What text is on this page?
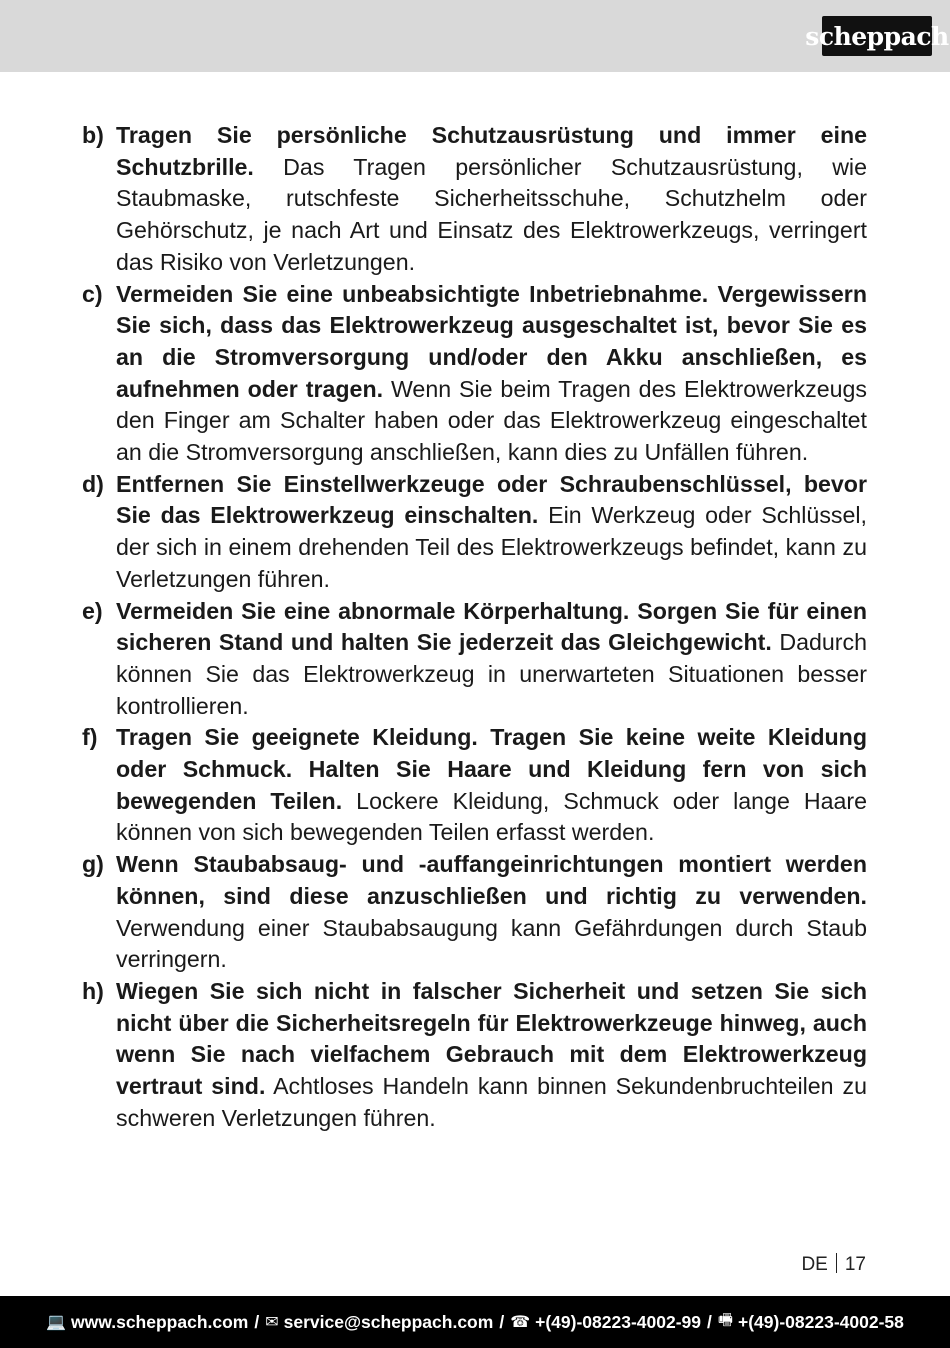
scheppach
b) Tragen Sie persönliche Schutzausrüstung und immer eine Schutzbrille. Das Tragen persönlicher Schutzausrüstung, wie Staubmaske, rutschfeste Sicherheitsschuhe, Schutzhelm oder Gehörschutz, je nach Art und Einsatz des Elektrowerkzeugs, verringert das Risiko von Verletzungen.
c) Vermeiden Sie eine unbeabsichtigte Inbetriebnahme. Vergewissern Sie sich, dass das Elektrowerkzeug ausgeschaltet ist, bevor Sie es an die Stromversorgung und/oder den Akku anschließen, es aufnehmen oder tragen. Wenn Sie beim Tragen des Elektrowerkzeugs den Finger am Schalter haben oder das Elektrowerkzeug eingeschaltet an die Stromversorgung anschließen, kann dies zu Unfällen führen.
d) Entfernen Sie Einstellwerkzeuge oder Schraubenschlüssel, bevor Sie das Elektrowerkzeug einschalten. Ein Werkzeug oder Schlüssel, der sich in einem drehenden Teil des Elektrowerkzeugs befindet, kann zu Verletzungen führen.
e) Vermeiden Sie eine abnormale Körperhaltung. Sorgen Sie für einen sicheren Stand und halten Sie jederzeit das Gleichgewicht. Dadurch können Sie das Elektrowerkzeug in unerwarteten Situationen besser kontrollieren.
f) Tragen Sie geeignete Kleidung. Tragen Sie keine weite Kleidung oder Schmuck. Halten Sie Haare und Kleidung fern von sich bewegenden Teilen. Lockere Kleidung, Schmuck oder lange Haare können von sich bewegenden Teilen erfasst werden.
g) Wenn Staubabsaug- und -auffangeinrichtungen montiert werden können, sind diese anzuschließen und richtig zu verwenden. Verwendung einer Staubabsaugung kann Gefährdungen durch Staub verringern.
h) Wiegen Sie sich nicht in falscher Sicherheit und setzen Sie sich nicht über die Sicherheitsregeln für Elektrowerkzeuge hinweg, auch wenn Sie nach vielfachem Gebrauch mit dem Elektrowerkzeug vertraut sind. Achtloses Handeln kann binnen Sekundenbruchteilen zu schweren Verletzungen führen.
DE 17
💻 www.scheppach.com / ✉ service@scheppach.com / ☎ +(49)-08223-4002-99 / 🖷 +(49)-08223-4002-58
